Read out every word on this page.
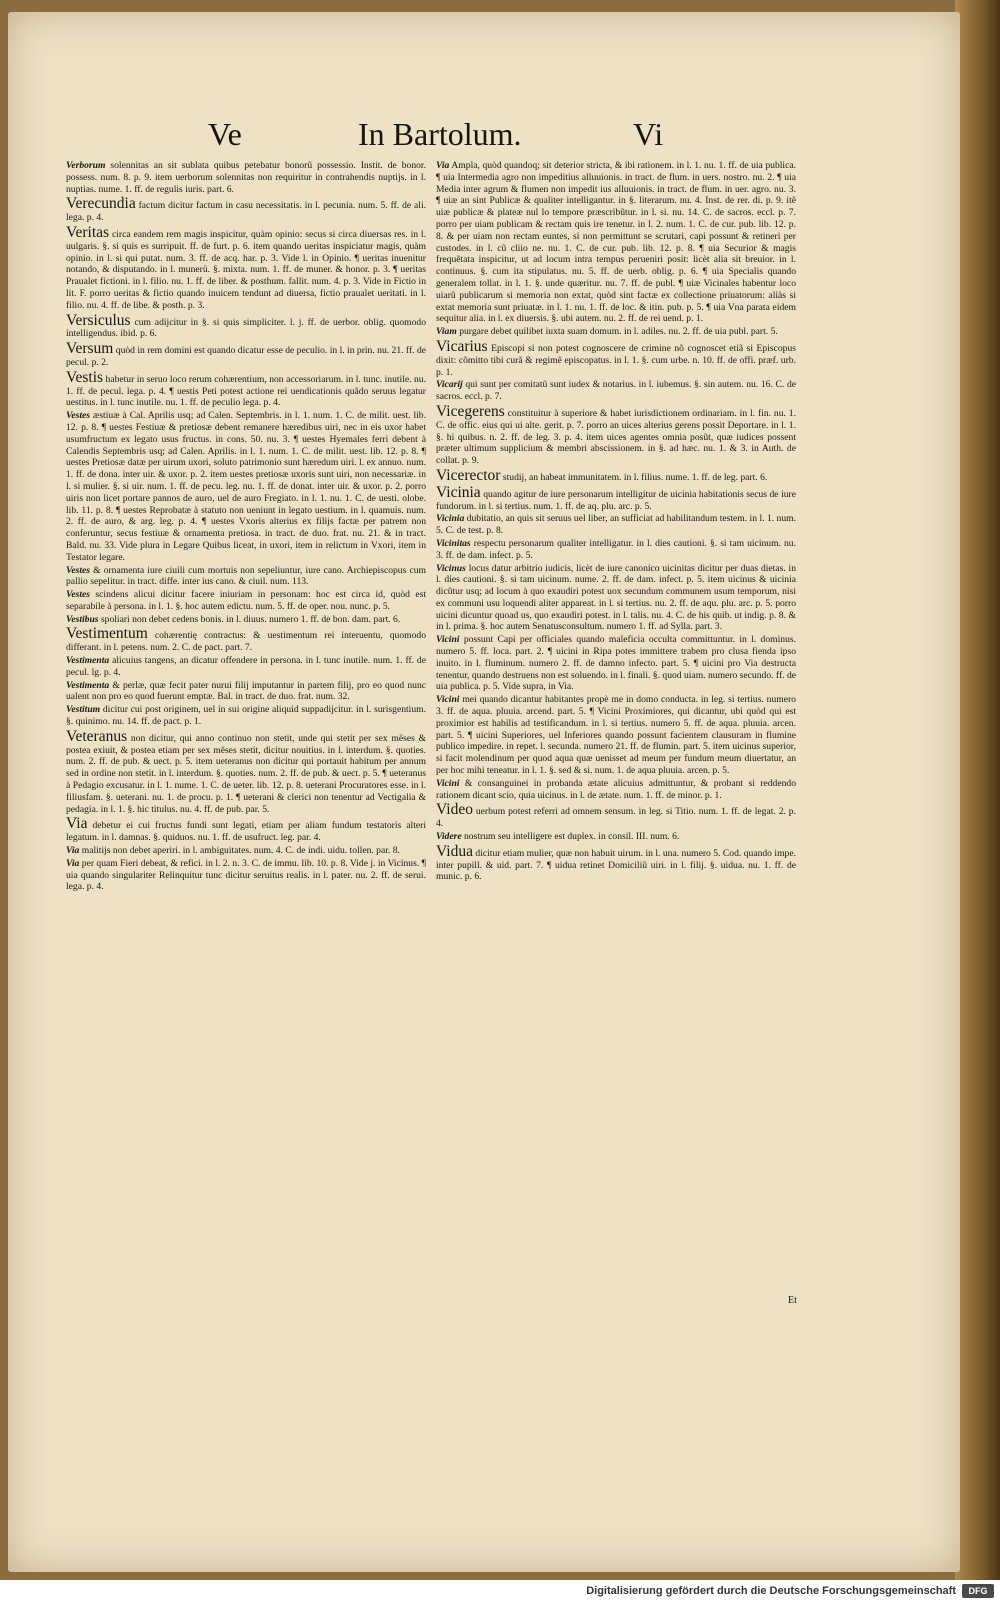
Ve	In Bartolum.	Vi

Verborum solennitas an sit sublata quibus petebatur bonorũ possessio. Instit. de bonor. possess. num. 8. p. 9. item uerborum solennitas non requiritur in contrahendis nuptijs. in l. nuptias. nume. 1. ff. de regulis iuris. part. 6.

Verecundia factum dicitur factum in casu necessitatis. in l. pecunia. num. 5. ff. de ali. lega. p. 4.

Veritas circa eandem rem magis inspicitur, quàm opinio: secus si circa diuersas res. in l. uulgaris. §. si quis es surripuit. ff. de furt. p. 6. item quando ueritas inspiciatur magis, quàm opinio. in l. si qui putat. num. 3. ff. de acq. har. p. 3. Vide l. in Opinio. ¶ ueritas inuenitur notando, & disputando. in l. munerü. §. mixta. num. 1. ff. de muner. & honor. p. 3. ¶ ueritas Praualet fictioni. in l. filio. nu. 1. ff. de liber. & posthum. fallit. num. 4. p. 3. Vide in Fictio in lit. F. porro ueritas & fictio quando inuicem tendunt ad diuersa, fictio praualet ueritati. in l. filio. nu. 4. ff. de libe. & posth. p. 3.

Versiculus cum adijcitur in §. si quis simpliciter. l. j. ff. de uerbor. oblig. quomodo intelligendus. ibid. p. 6.

Versum quòd in rem domini est quando dicatur esse de peculio. in l. in prin. nu. 21. ff. de pecul. p. 2.

Vestis habetur in seruo loco rerum cohærentium, non accessoriarum. in l. tunc. inutile. nu. 1. ff. de pecul. lega. p. 4. ¶ uestis Peti potest actione rei uendicationis quãdo seruus legatur uestitus. in l. tunc inutile. nu. 1. ff. de peculio lega. p. 4.

Vestes æstiuæ à Cal. Aprilis usq; ad Calen. Septembris. in l. 1. num. 1. C. de milit. uest. lib. 12. p. 8. ¶ uestes Festiuæ & pretiosæ debent remanere hæredibus uiri, nec in eis uxor habet usumfructum ex legato usus fructus. in cons. 50. nu. 3. ¶ uestes Hyemales ferri debent à Calendis Septembris usq; ad Calen. Aprilis. in l. 1. num. 1. C. de milit. uest. lib. 12. p. 8. ¶ uestes Pretiosæ datæ per uirum uxori, soluto patrimonio sunt hæredum uiri. l. ex annuo. num. 1. ff. de dona. inter uir. & uxor. p. 2. item uestes pretiosæ uxoris sunt uiri, non necessariæ. in l. si mulier. §. si uir. num. 1. ff. de pecu. leg. nu. 1. ff. de donat. inter uir. & uxor. p. 2. porro uiris non licet portare pannos de auro, uel de auro Fregiato. in l. 1. nu. 1. C. de uesti. olobe. lib. 11. p. 8. ¶ uestes Reprobatæ à statuto non ueniunt in legato uestium. in l. quamuis. num. 2. ff. de auro, & arg. leg. p. 4. ¶ uestes Vxoris alterius ex filijs factæ per patrem non conferuntur, secus festiuæ & ornamenta pretiosa. in tract. de duo. frat. nu. 21. & in tract. Bald. nu. 33. Vide plura in Legare Quibus liceat, in uxori, item in relictum in Vxori, item in Testator legare.

Vestes & ornamenta iure ciuili cum mortuis non sepeliuntur, iure cano. Archiepiscopus cum pallio sepelitur. in tract. diffe. inter ius cano. & ciuil. num. 113.

Vestes scindens alicui dicitur facere iniuriam in personam: hoc est circa id, quòd est separabile à persona. in l. 1. §. hoc autem edictu. num. 5. ff. de oper. nou. nunc. p. 5.

Vestibus spoliari non debet cedens bonis. in l. diuus. numero 1. ff. de bon. dam. part. 6.

Vestimentum cohærentię contractus: & uestimentum rei interuentu, quomodo differant. in l. petens. num. 2. C. de pact. part. 7.

Vestimenta alicuius tangens, an dicatur offendere in persona. in l. tunc inutile. num. 1. ff. de pecul. lg. p. 4.

Vestimenta & perlæ, quæ fecit pater nurui filij imputantur in partem filij, pro eo quod nunc ualent non pro eo quod fuerunt emptæ. Bal. in tract. de duo. frat. num. 32.

Vestitum dicitur cui post originem, uel in sui origine aliquid suppadijcitur. in l. surisgentium. §. quinimo. nu. 14. ff. de pact. p. 1.

Veteranus non dicitur, qui anno continuo non stetit, unde qui stetit per sex mẽses & postea exiuit, & postea etiam per sex mẽses stetit, dicitur nouitius. in l. interdum. §. quoties. num. 2. ff. de pub. & uect. p. 5. item ueteranus non dicitur qui portauit habitum per annum sed in ordine non stetit. in l. interdum. §. quoties. num. 2. ff. de pub. & uect. p. 5. ¶ ueteranus à Pedagio excusatur. in l. 1. nume. 1. C. de ueter. lib. 12. p. 8. ueterani Procuratores esse. in l. filiusfam. §. ueterani. nu. 1. de procu. p. 1. ¶ ueterani & clerici non tenentur ad Vectigalia & pedagia. in l. 1. §. hic titulus. nu. 4. ff. de pub. par. 5.

Via debetur ei cui fructus fundi sunt legati, etiam per aliam fundum testatoris alteri legatum. in l. damnas. §. quiduos. nu. 1. ff. de usufruct. leg. par. 4.

Via malitijs non debet aperiri. in l. ambiguitates. num. 4. C. de indi. uidu. tollen. par. 8.

Via per quam Fieri debeat, & refici. in l. 2. n. 3. C. de immu. lib. 10. p. 8. Vide j. in Vicinus. ¶ uia quando singulariter Relinquitur tunc dicitur seruitus realis. in l. pater. nu. 2. ff. de serui. lega. p. 4.

Via Ampla, quòd quandoq; sit deterior stricta, & ibi rationem. in l. 1. nu. 1. ff. de uia publica. ¶ uia Intermedia agro non impeditius alluuionis. in tract. de flum. in uers. nostro. nu. 2. ¶ uia Media inter agrum & flumen non impedit ius alluuionis. in tract. de flum. in uer. agro. nu. 3. ¶ uiæ an sint Publicæ & qualiter intelligantur. in §. literarum. nu. 4. Inst. de rer. di. p. 9. itẽ uiæ publicæ & plateæ nul lo tempore præscribũtur. in l. si. nu. 14. C. de sacros. eccl. p. 7. porro per uiam publicam & rectam quis ire tenetur. in l. 2. num. 1. C. de cur. pub. lib. 12. p. 8. & per uiam non rectam euntes, si non permittunt se scrutari, capi possunt & retineri per custodes. in l. cũ cliio ne. nu. 1. C. de cur. pub. lib. 12. p. 8. ¶ uia Securior & magis frequẽtata inspicitur, ut ad locum intra tempus perueniri posit: licèt alia sit breuior. in l. continuus. §. cum ita stipulatus. nu. 5. ff. de uerb. oblig. p. 6. ¶ uia Specialis quando generalem tollat. in l. 1. §. unde quæritur. nu. 7. ff. de publ. ¶ uiæ Vicinales habentur loco uiarũ publicarum si memoria non extat, quòd sint factæ ex collectione priuatorum: aliàs si extat memoria sunt priuatæ. in l. 1. nu. 1. ff. de loc. & itin. pub. p. 5. ¶ uia Vna parata eidem sequitur alia. in l. ex diuersis. §. ubi autem. nu. 2. ff. de rei uend. p. 1.

Viam purgare debet quilibet iuxta suam domum. in l. adiles. nu. 2. ff. de uia publ. part. 5.

Vicarius Episcopi si non potest cognoscere de crimine nõ cognoscet etiã si Episcopus dixit: cõmitto tibi curã & regimẽ episcopatus. in l. 1. §. cum urbe. n. 10. ff. de offi. præf. urb. p. 1.

Vicarij qui sunt per comitatũ sunt iudex & notarius. in l. iubemus. §. sin autem. nu. 16. C. de sacros. eccl. p. 7.

Vicegerens constituitur à superiore & habet iurisdictionem ordinariam. in l. fin. nu. 1. C. de offic. eius qui ui alte. gerit. p. 7. porro an uices alterius gerens possit Deportare. in l. 1. §. hi quibus. n. 2. ff. de leg. 3. p. 4. item uices agentes omnia posũt, quæ iudices possent præter ultimum supplicium & membri abscissionem. in §. ad hæc. nu. 1. & 3. in Auth. de collat. p. 9.

Vicerector studij, an habeat immunitatem. in l. filius. nume. 1. ff. de leg. part. 6.

Vicinia quando agitur de iure personarum intelligitur de uicinia habitationis secus de iure fundorum. in l. si tertius. num. 1. ff. de aq. plu. arc. p. 5.

Vicinia dubitatio, an quis sit seruus uel liber, an sufficiat ad habilitandum testem. in l. 1. num. 5. C. de test. p. 8.

Vicinitas respectu personarum qualiter intelligatur. in l. dies cautioni. §. si tam uicinum. nu. 3. ff. de dam. infect. p. 5.

Vicinus locus datur arbitrio iudicis, licèt de iure canonico uicinitas dicitur per duas dietas. in l. dies cautioni. §. si tam uicinum. nume. 2. ff. de dam. infect. p. 5. item uicinus & uicinia dicũtur usq; ad locum à quo exaudiri potest uox secundum communem usum temporum, nisi ex communi usu loquendi aliter appareat. in l. si tertius. nu. 2. ff. de aqu. plu. arc. p. 5. porro uicini dicuntur quoad us, quo exaudiri potest. in l. talis. nu. 4. C. de his quib. ut indig. p. 8. & in l. prima. §. hoc autem Senatusconsultum. numero 1. ff. ad Sylla. part. 3.

Vicini possunt Capi per officiales quando maleficia occulta committuntur. in l. dominus. numero 5. ff. loca. part. 2. ¶ uicini in Ripa potes immittere trabem pro clusa fienda ipso inuito. in l. fluminum. numero 2. ff. de damno infecto. part. 5. ¶ uicini pro Via destructa tenentur, quando destruens non est soluendo. in l. finali. §. quod uiam. numero secundo. ff. de uia publica. p. 5. Vide supra, in Via.

Vicini mei quando dicantur habitantes propè me in domo conducta. in leg. si tertius. numero 3. ff. de aqua. pluuia. arcend. part. 5. ¶ Vicini Proximiores, qui dicantur, ubi quòd qui est proximior est habilis ad testificandum. in l. si tertius. numero 5. ff. de aqua. pluuia. arcen. part. 5. ¶ uicini Superiores, uel Inferiores quando possunt facientem clausuram in flumine publico impedire. in repet. l. secunda. numero 21. ff. de flumin. part. 5. item uicinus superior, si facit molendinum per quod aqua quæ uenisset ad meum per fundum meum diuertatur, an per hoc mihi teneatur. in l. 1. §. sed & si. num. 1. de aqua pluuia. arcen. p. 5.

Vicini & consanguinei in probanda ætate alicuius admittuntur, & probant si reddendo rationem dicant scio, quia uicinus. in l. de ætate. num. 1. ff. de minor. p. 1.

Video uerbum potest referri ad omnem sensum. in leg. si Titio. num. 1. ff. de legat. 2. p. 4.

Videre nostrum seu intelligere est duplex. in consil. III. num. 6.

Vidua dicitur etiam mulier, quæ non habuit uirum. in l. una. numero 5. Cod. quando impe. inter pupill. & uid. part. 7. ¶ uidua retinet Domiciliũ uiri. in l. filij. §. uidua. nu. 1. ff. de munic. p. 6.

Et
Digitalisierung gefördert durch die Deutsche Forschungsgemeinschaft	DFG
